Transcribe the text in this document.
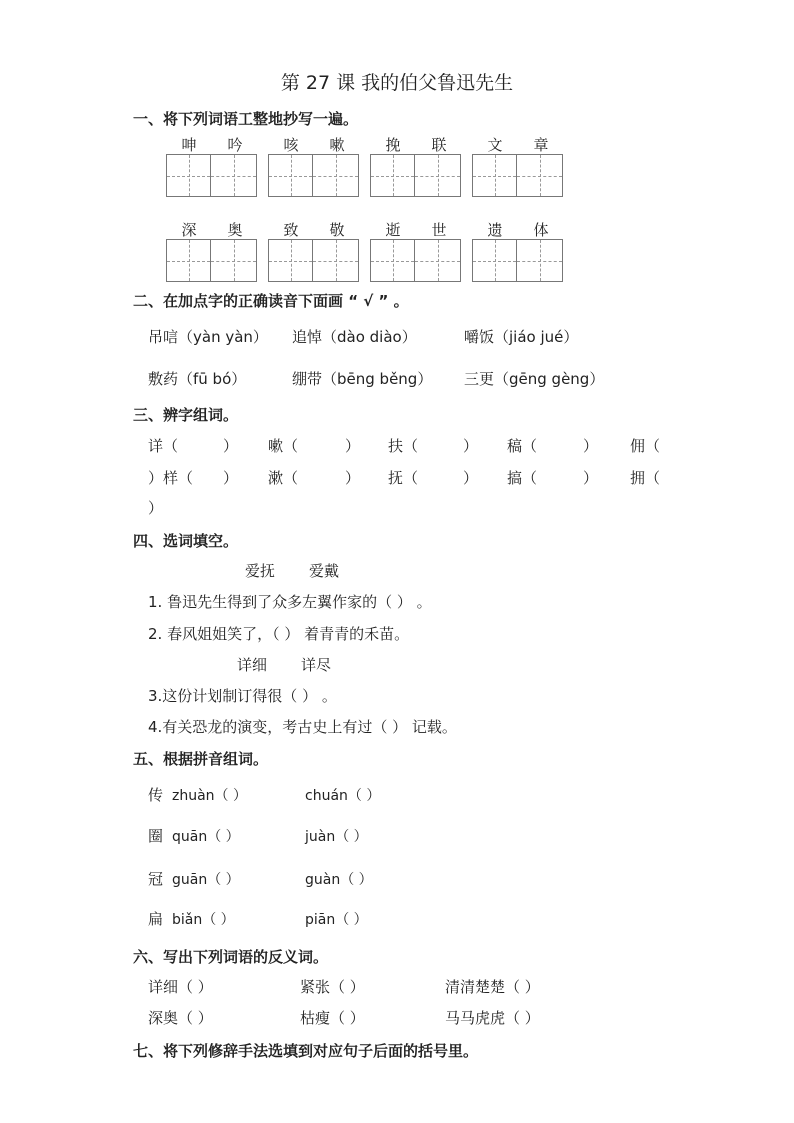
第 27 课 我的伯父鲁迅先生
一、将下列词语工整地抄写一遍。
呻	吟	咳	嗽	挽	联	文	章
深	奥	致	敬	逝	世	遗	体
二、在加点字的正确读音下面画 “ √ ” 。
吊唁（yàn yàn） 追悼（dào diào）	嚼饭（jiáo jué）
敷药（fū bó）	绷带（bēng běng） 三更（gēng gèng）
三、辨字组词。
详（	） 嗽（	） 扶（	） 稿（	） 佣（
）样（ ） 漱（	） 抚（	） 搞（	） 拥（
）
四、选词填空。
爱抚 爱戴
1. 鲁迅先生得到了众多左翼作家的（ ） 。
2. 春风姐姐笑了，（ ） 着青青的禾苗。
详细 详尽
3.这份计划制订得很（ ） 。
4.有关恐龙的演变，考古史上有过（ ） 记载。
五、根据拼音组词。
传 zhuàn（ ）	chuán（ ）
圈 quān（ ）	juàn（ ）
冠 guān（ ）	guàn（ ）
扁 biǎn（ ）	piān（ ）
六、写出下列词语的反义词。
详细（ ）	紧张（ ）	清清楚楚（ ）
深奥（ ）	枯瘦（ ）	马马虎虎（ ）
七、将下列修辞手法选填到对应句子后面的括号里。
